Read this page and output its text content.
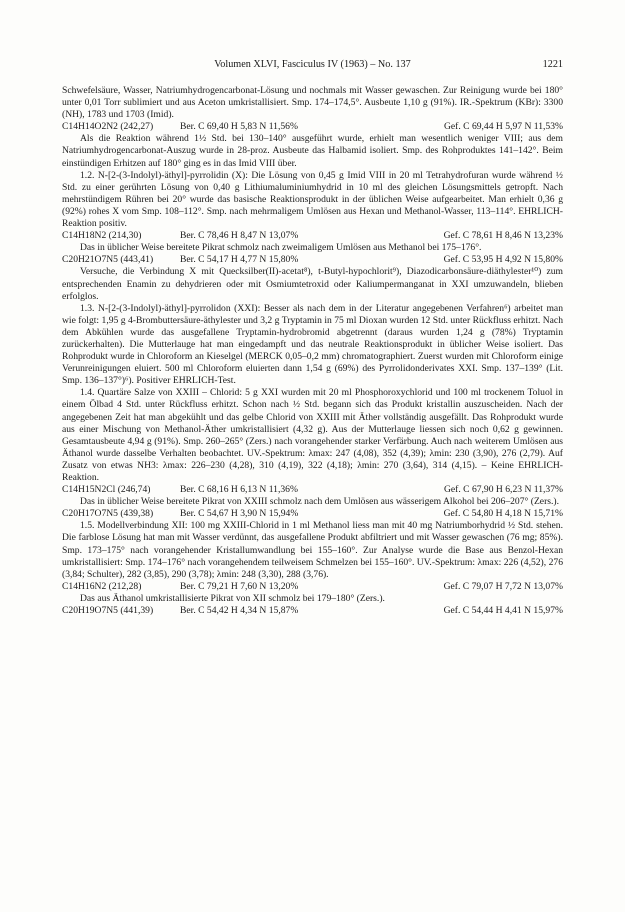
Volumen XLVI, Fasciculus IV (1963) – No. 137	1221

Schwefelsäure, Wasser, Natriumhydrogencarbonat-Lösung und nochmals mit Wasser gewaschen. Zur Reinigung wurde bei 180° unter 0,01 Torr sublimiert und aus Aceton umkristallisiert. Smp. 174–174,5°. Ausbeute 1,10 g (91%). IR.-Spektrum (KBr): 3300 (NH), 1783 und 1703 (Imid).

C14H14O2N2 (242,27)	Ber. C 69,40 H 5,83 N 11,56%	Gef. C 69,44 H 5,97 N 11,53%

Als die Reaktion während 1½ Std. bei 130–140° ausgeführt wurde, erhielt man wesentlich weniger VIII; aus dem Natriumhydrogencarbonat-Auszug wurde in 28-proz. Ausbeute das Halbamid isoliert. Smp. des Rohproduktes 141–142°. Beim einstündigen Erhitzen auf 180° ging es in das Imid VIII über.

1.2. N-[2-(3-Indolyl)-äthyl]-pyrrolidin (X): Die Lösung von 0,45 g Imid VIII in 20 ml Tetrahydrofuran wurde während ½ Std. zu einer gerührten Lösung von 0,40 g Lithiumaluminiumhydrid in 10 ml des gleichen Lösungsmittels getropft. Nach mehrstündigem Rühren bei 20° wurde das basische Reaktionsprodukt in der üblichen Weise aufgearbeitet. Man erhielt 0,36 g (92%) rohes X vom Smp. 108–112°. Smp. nach mehrmaligem Umlösen aus Hexan und Methanol-Wasser, 113–114°. EHRLICH-Reaktion positiv.

C14H18N2 (214,30)	Ber. C 78,46 H 8,47 N 13,07%	Gef. C 78,61 H 8,46 N 13,23%

Das in üblicher Weise bereitete Pikrat schmolz nach zweimaligem Umlösen aus Methanol bei 175–176°.

C20H21O7N5 (443,41)	Ber. C 54,17 H 4,77 N 15,80%	Gef. C 53,95 H 4,92 N 15,80%

Versuche, die Verbindung X mit Quecksilber(II)-acetat⁸), t-Butyl-hypochlorit⁹), Diazodicarbonsäure-diäthylester¹⁰) zum entsprechenden Enamin zu dehydrieren oder mit Osmiumtetroxid oder Kaliumpermanganat in XXI umzuwandeln, blieben erfolglos.

1.3. N-[2-(3-Indolyl)-äthyl]-pyrrolidon (XXI): Besser als nach dem in der Literatur angegebenen Verfahren⁶) arbeitet man wie folgt: 1,95 g 4-Brombuttersäure-äthylester und 3,2 g Tryptamin in 75 ml Dioxan wurden 12 Std. unter Rückfluss erhitzt. Nach dem Abkühlen wurde das ausgefallene Tryptamin-hydrobromid abgetrennt (daraus wurden 1,24 g (78%) Tryptamin zurückerhalten). Die Mutterlauge hat man eingedampft und das neutrale Reaktionsprodukt in üblicher Weise isoliert. Das Rohprodukt wurde in Chloroform an Kieselgel (MERCK 0,05–0,2 mm) chromatographiert. Zuerst wurden mit Chloroform einige Verunreinigungen eluiert. 500 ml Chloroform eluierten dann 1,54 g (69%) des Pyrrolidonderivates XXI. Smp. 137–139° (Lit. Smp. 136–137°)⁶). Positiver EHRLICH-Test.

1.4. Quartäre Salze von XXIII – Chlorid: 5 g XXI wurden mit 20 ml Phosphoroxychlorid und 100 ml trockenem Toluol in einem Ölbad 4 Std. unter Rückfluss erhitzt. Schon nach ½ Std. begann sich das Produkt kristallin auszuscheiden. Nach der angegebenen Zeit hat man abgekühlt und das gelbe Chlorid von XXIII mit Äther vollständig ausgefällt. Das Rohprodukt wurde aus einer Mischung von Methanol-Äther umkristallisiert (4,32 g). Aus der Mutterlauge liessen sich noch 0,62 g gewinnen. Gesamtausbeute 4,94 g (91%). Smp. 260–265° (Zers.) nach vorangehender starker Verfärbung. Auch nach weiterem Umlösen aus Äthanol wurde dasselbe Verhalten beobachtet. UV.-Spektrum: λmax: 247 (4,08), 352 (4,39); λmin: 230 (3,90), 276 (2,79). Auf Zusatz von etwas NH3: λmax: 226–230 (4,28), 310 (4,19), 322 (4,18); λmin: 270 (3,64), 314 (4,15). – Keine EHRLICH-Reaktion.

C14H15N2Cl (246,74)	Ber. C 68,16 H 6,13 N 11,36%	Gef. C 67,90 H 6,23 N 11,37%

Das in üblicher Weise bereitete Pikrat von XXIII schmolz nach dem Umlösen aus wässerigem Alkohol bei 206–207° (Zers.).

C20H17O7N5 (439,38)	Ber. C 54,67 H 3,90 N 15,94%	Gef. C 54,80 H 4,18 N 15,71%

1.5. Modellverbindung XII: 100 mg XXIII-Chlorid in 1 ml Methanol liess man mit 40 mg Natriumborhydrid ½ Std. stehen. Die farblose Lösung hat man mit Wasser verdünnt, das ausgefallene Produkt abfiltriert und mit Wasser gewaschen (76 mg; 85%). Smp. 173–175° nach vorangehender Kristallumwandlung bei 155–160°. Zur Analyse wurde die Base aus Benzol-Hexan umkristallisiert: Smp. 174–176° nach vorangehendem teilweisem Schmelzen bei 155–160°. UV.-Spektrum: λmax: 226 (4,52), 276 (3,84; Schulter), 282 (3,85), 290 (3,78); λmin: 248 (3,30), 288 (3,76).

C14H16N2 (212,28)	Ber. C 79,21 H 7,60 N 13,20%	Gef. C 79,07 H 7,72 N 13,07%

Das aus Äthanol umkristallisierte Pikrat von XII schmolz bei 179–180° (Zers.).

C20H19O7N5 (441,39)	Ber. C 54,42 H 4,34 N 15,87%	Gef. C 54,44 H 4,41 N 15,97%
